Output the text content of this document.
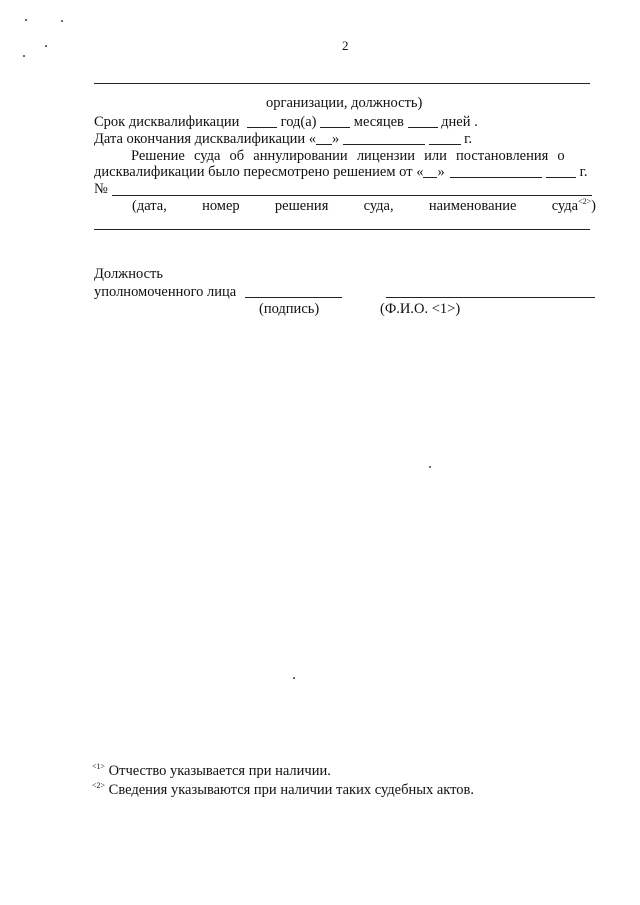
2
организации, должность)
Срок дисквалификации	год(а)	месяцев	дней .
Дата окончания дисквалификации « »	г.
Решение суда об аннулировании лицензии или постановления о
дисквалификации было пересмотрено решением от « »	г.
№
(дата, номер решения суда, наименование суда$^{<2>}$)
Должность
уполномоченного лица
(подпись)	(Ф.И.О. <1>)
$^{<1>}$ Отчество указывается при наличии.
$^{<2>}$ Сведения указываются при наличии таких судебных актов.
